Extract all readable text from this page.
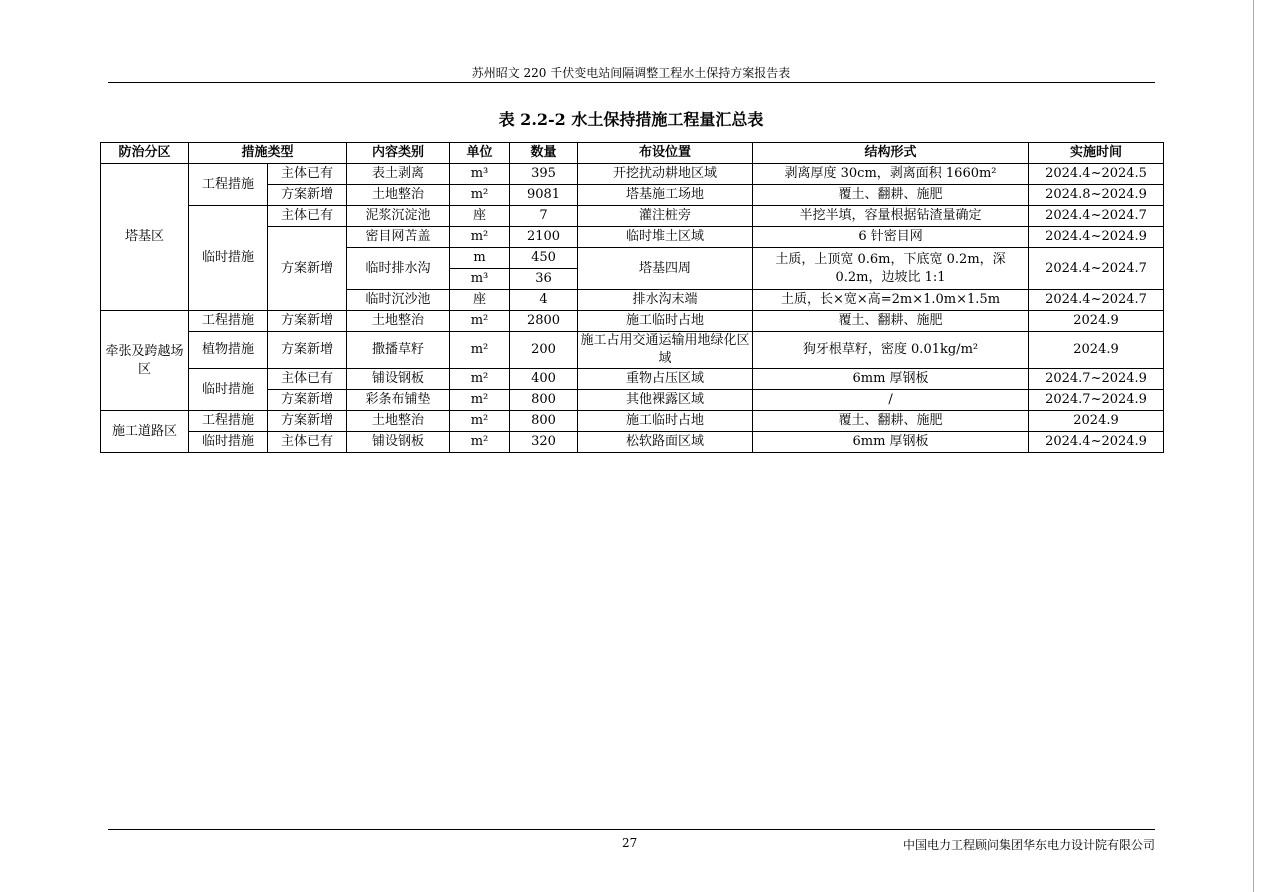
苏州昭文 220 千伏变电站间隔调整工程水土保持方案报告表
表 2.2-2 水土保持措施工程量汇总表
防治分区	措施类型		内容类别	单位	数量	布设位置	结构形式	实施时间
塔基区	工程措施	主体已有	表土剥离	m³	395	开挖扰动耕地区域	剥离厚度 30cm，剥离面积 1660m²	2024.4~2024.5
		方案新增	土地整治	m²	9081	塔基施工场地	覆土、翻耕、施肥	2024.8~2024.9
	临时措施	主体已有	泥浆沉淀池	座	7	灌注桩旁	半挖半填，容量根据钻渣量确定	2024.4~2024.7
		方案新增	密目网苫盖	m²	2100	临时堆土区域	6 针密目网	2024.4~2024.9
			临时排水沟	m	450	塔基四周	土质，上顶宽 0.6m，下底宽 0.2m，深 0.2m，边坡比 1:1	2024.4~2024.7
				m³	36			
			临时沉沙池	座	4	排水沟末端	土质，长×宽×高=2m×1.0m×1.5m	2024.4~2024.7
牵张及跨越场区	工程措施	方案新增	土地整治	m²	2800	施工临时占地	覆土、翻耕、施肥	2024.9
	植物措施	方案新增	撒播草籽	m²	200	施工占用交通运输用地绿化区域	狗牙根草籽，密度 0.01kg/m²	2024.9

	临时措施	主体已有	铺设钢板	m²	400	重物占压区域	6mm 厚钢板	2024.7~2024.9
		方案新增	彩条布铺垫	m²	800	其他裸露区域	/	2024.7~2024.9
施工道路区	工程措施	方案新增	土地整治	m²	800	施工临时占地	覆土、翻耕、施肥	2024.9
	临时措施	主体已有	铺设钢板	m²	320	松软路面区域	6mm 厚钢板	2024.4~2024.9
27	中国电力工程顾问集团华东电力设计院有限公司
